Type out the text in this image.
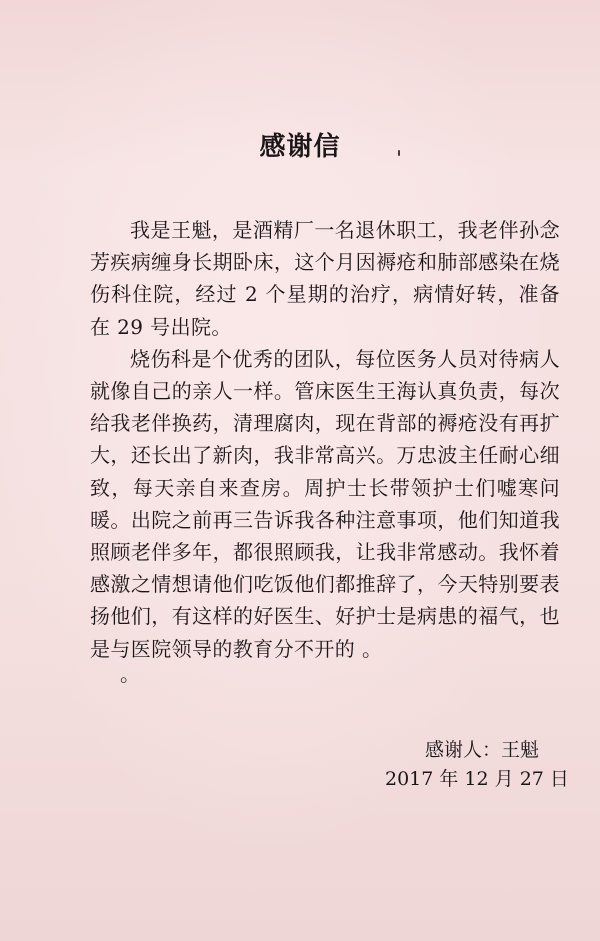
感谢信

我是王魁，是酒精厂一名退休职工，我老伴孙念芳疾病缠身长期卧床，这个月因褥疮和肺部感染在烧伤科住院，经过 2 个星期的治疗，病情好转，准备在 29 号出院。

烧伤科是个优秀的团队，每位医务人员对待病人就像自己的亲人一样。管床医生王海认真负责，每次给我老伴换药，清理腐肉，现在背部的褥疮没有再扩大，还长出了新肉，我非常高兴。万忠波主任耐心细致，每天亲自来查房。周护士长带领护士们嘘寒问暖。出院之前再三告诉我各种注意事项，他们知道我照顾老伴多年，都很照顾我，让我非常感动。我怀着感激之情想请他们吃饭他们都推辞了，今天特别要表扬他们，有这样的好医生、好护士是病患的福气，也是与医院领导的教育分不开的 。

。
感谢人：王魁
2017 年 12 月 27 日
